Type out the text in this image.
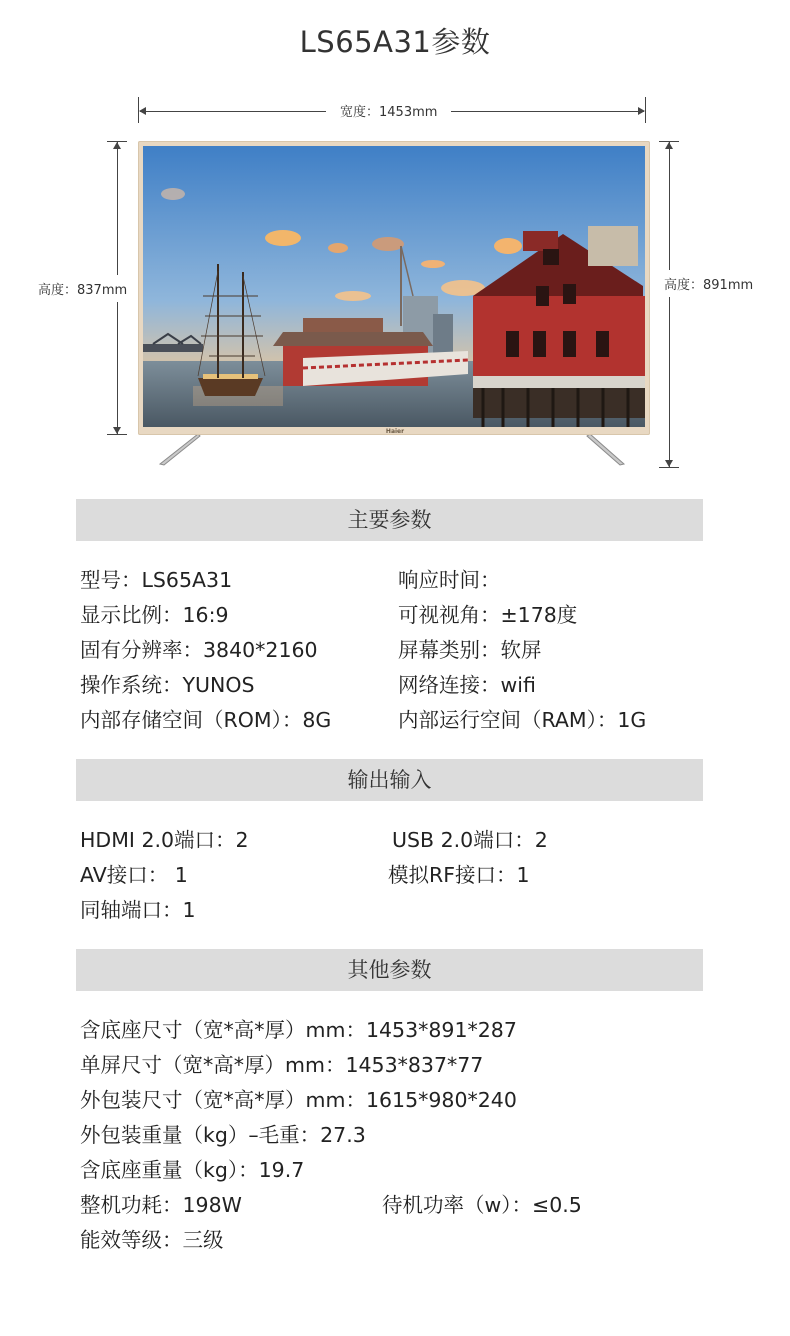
LS65A31参数
宽度：1453mm
高度：837mm	高度：891mm
Haier
主要参数
型号：LS65A31
显示比例：16:9
固有分辨率：3840*2160
操作系统：YUNOS
内部存储空间（ROM）：8G
响应时间：
可视视角：±178度
屏幕类别：软屏
网络连接：wifi
内部运行空间（RAM）：1G
输出输入
HDMI 2.0端口：2
AV接口： 1
同轴端口：1
USB 2.0端口：2
模拟RF接口：1
其他参数
含底座尺寸（宽*高*厚）mm：1453*891*287
单屏尺寸（宽*高*厚）mm：1453*837*77
外包装尺寸（宽*高*厚）mm：1615*980*240
外包装重量（kg）–毛重：27.3
含底座重量（kg）：19.7
整机功耗：198W	待机功率（w）：≤0.5
能效等级：三级
